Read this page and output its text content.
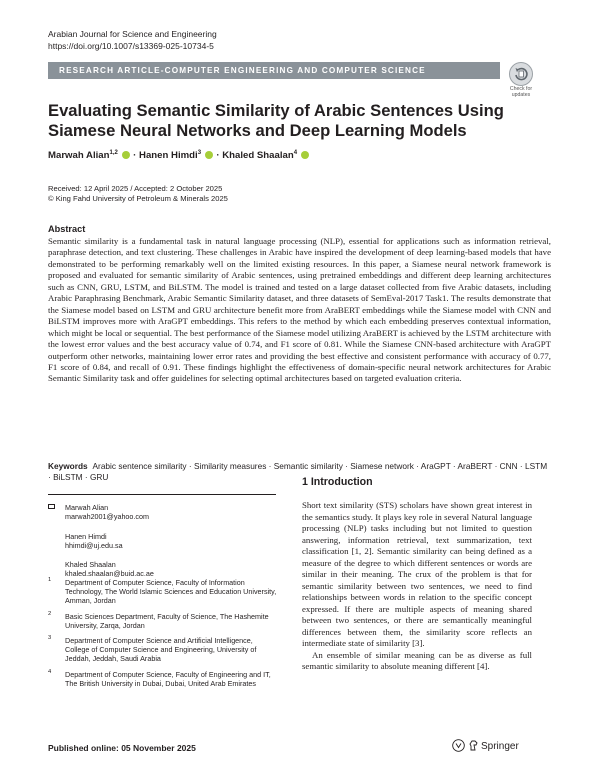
Arabian Journal for Science and Engineering
https://doi.org/10.1007/s13369-025-10734-5
RESEARCH ARTICLE-COMPUTER ENGINEERING AND COMPUTER SCIENCE
Check for
updates
Evaluating Semantic Similarity of Arabic Sentences Using Siamese Neural Networks and Deep Learning Models
Marwah Alian$^{1,2}$ · Hanen Himdi$^3$ · Khaled Shaalan$^4$
Received: 12 April 2025 / Accepted: 2 October 2025
© King Fahd University of Petroleum & Minerals 2025
Abstract
Semantic similarity is a fundamental task in natural language processing (NLP), essential for applications such as information retrieval, paraphrase detection, and text clustering. These challenges in Arabic have inspired the development of deep learning-based models that have demonstrated to be performing remarkably well on the limited existing resources. In this paper, a Siamese neural network framework is proposed and evaluated for semantic similarity of Arabic sentences, using pretrained embeddings and different deep learning architectures such as CNN, GRU, LSTM, and BiLSTM. The model is trained and tested on a large dataset collected from five Arabic datasets, including Arabic Paraphrasing Benchmark, Arabic Semantic Similarity dataset, and three datasets of SemEval-2017 Task1. The results demonstrate that the Siamese model based on LSTM and GRU architecture benefit more from AraBERT embeddings while the Siamese model with CNN and BiLSTM improves more with AraGPT embeddings. This refers to the method by which each embedding preserves contextual information, which might be local or sequential. The best performance of the Siamese model utilizing AraBERT is achieved by the LSTM architecture with the lowest error values and the best accuracy value of 0.74, and F1 score of 0.81. While the Siamese CNN-based architecture with AraGPT outperform other networks, maintaining lower error rates and providing the best effective and consistent performance with accuracy of 0.77, F1 score of 0.84, and recall of 0.91. These findings highlight the effectiveness of domain-specific neural network architectures for Arabic Semantic Similarity task and offer guidelines for selecting optimal architectures based on targeted evaluation criteria.
Keywords Arabic sentence similarity · Similarity measures · Semantic similarity · Siamese network · AraGPT · AraBERT · CNN · LSTM · BiLSTM · GRU	1 Introduction

Short text similarity (STS) scholars have shown great interest in the semantics study. It plays key role in several Natural language processing (NLP) tasks including but not limited to question answering, information retrieval, text summarization, text classification [1, 2]. Semantic similarity can being defined as a measure of the degree to which different sentences or words are similar in their meaning. The crux of the problem is that for semantic similarity between two sentences, we need to find relationships between words in relation to the specific concept expressed. If there are multiple aspects of meaning shared between two sentences, or there are semantically meaningful differences between them, the similarity score reflects an intermediate state of similarity [3].

An ensemble of similar meaning can be as diverse as full semantic similarity to absolute meaning different [4].

Marwah Alian
marwah2001@yahoo.com
Hanen Himdi
hhimdi@uj.edu.sa
Khaled Shaalan
khaled.shaalan@buid.ac.ae
1 Department of Computer Science, Faculty of Information Technology, The World Islamic Sciences and Education University, Amman, Jordan
2 Basic Sciences Department, Faculty of Science, The Hashemite University, Zarqa, Jordan
3 Department of Computer Science and Artificial Intelligence, College of Computer Science and Engineering, University of Jeddah, Jeddah, Saudi Arabia
4 Department of Computer Science, Faculty of Engineering and IT, The British University in Dubai, Dubai, United Arab Emirates
Published online: 05 November 2025	Springer
